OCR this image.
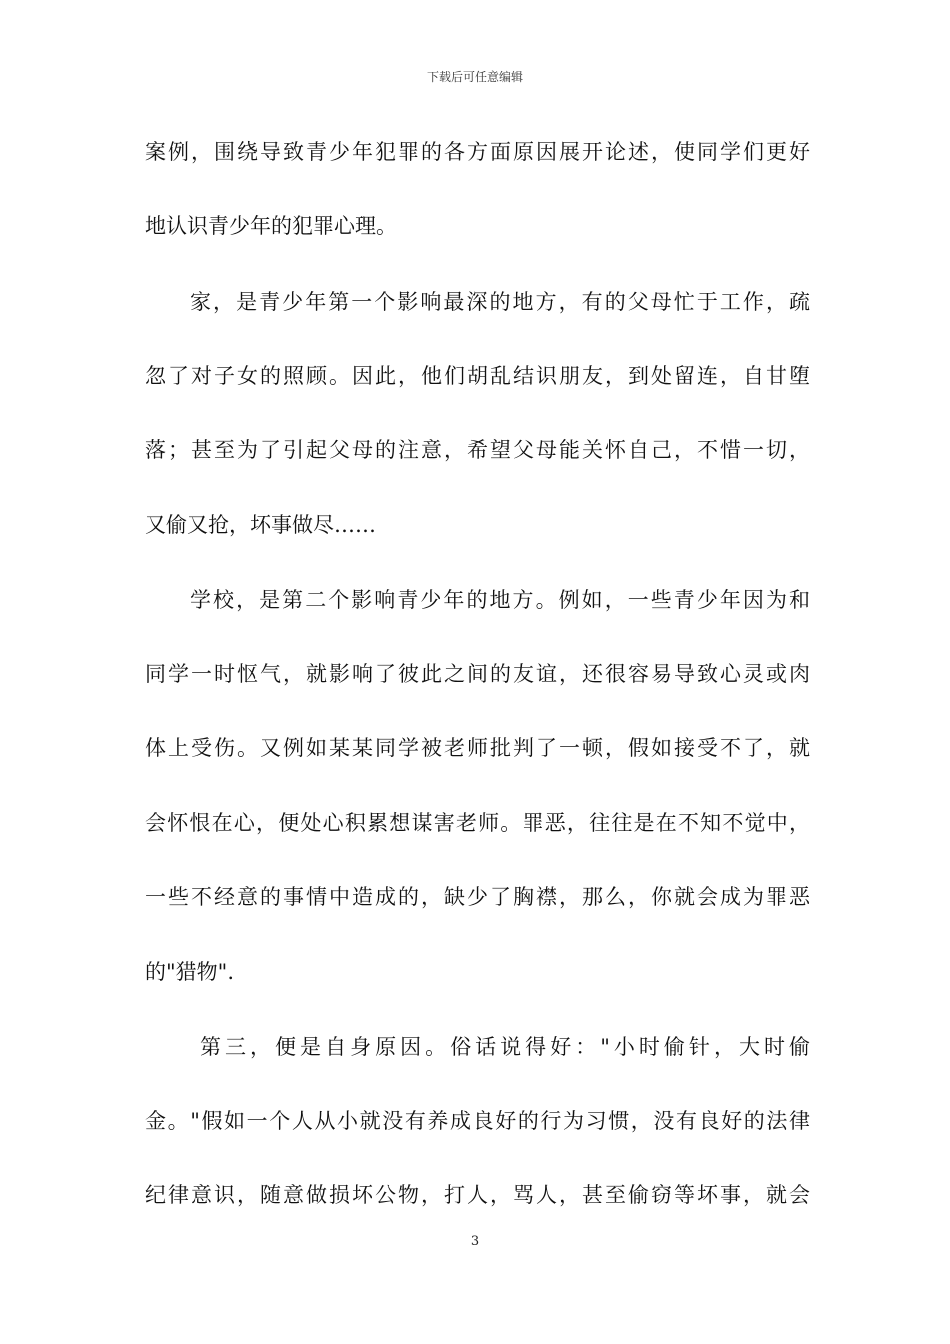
下载后可任意编辑
案例，围绕导致青少年犯罪的各方面原因展开论述，使同学们更好
地认识青少年的犯罪心理。
家，是青少年第一个影响最深的地方，有的父母忙于工作，疏
忽了对子女的照顾。因此，他们胡乱结识朋友，到处留连，自甘堕
落；甚至为了引起父母的注意，希望父母能关怀自己，不惜一切，
又偷又抢，坏事做尽……
学校，是第二个影响青少年的地方。例如，一些青少年因为和
同学一时怄气，就影响了彼此之间的友谊，还很容易导致心灵或肉
体上受伤。又例如某某同学被老师批判了一顿，假如接受不了，就
会怀恨在心，便处心积累想谋害老师。罪恶，往往是在不知不觉中，
一些不经意的事情中造成的，缺少了胸襟，那么，你就会成为罪恶
的"猎物".
第三，便是自身原因。俗话说得好："小时偷针，大时偷
金。"假如一个人从小就没有养成良好的行为习惯，没有良好的法律
纪律意识，随意做损坏公物，打人，骂人，甚至偷窃等坏事，就会
3
